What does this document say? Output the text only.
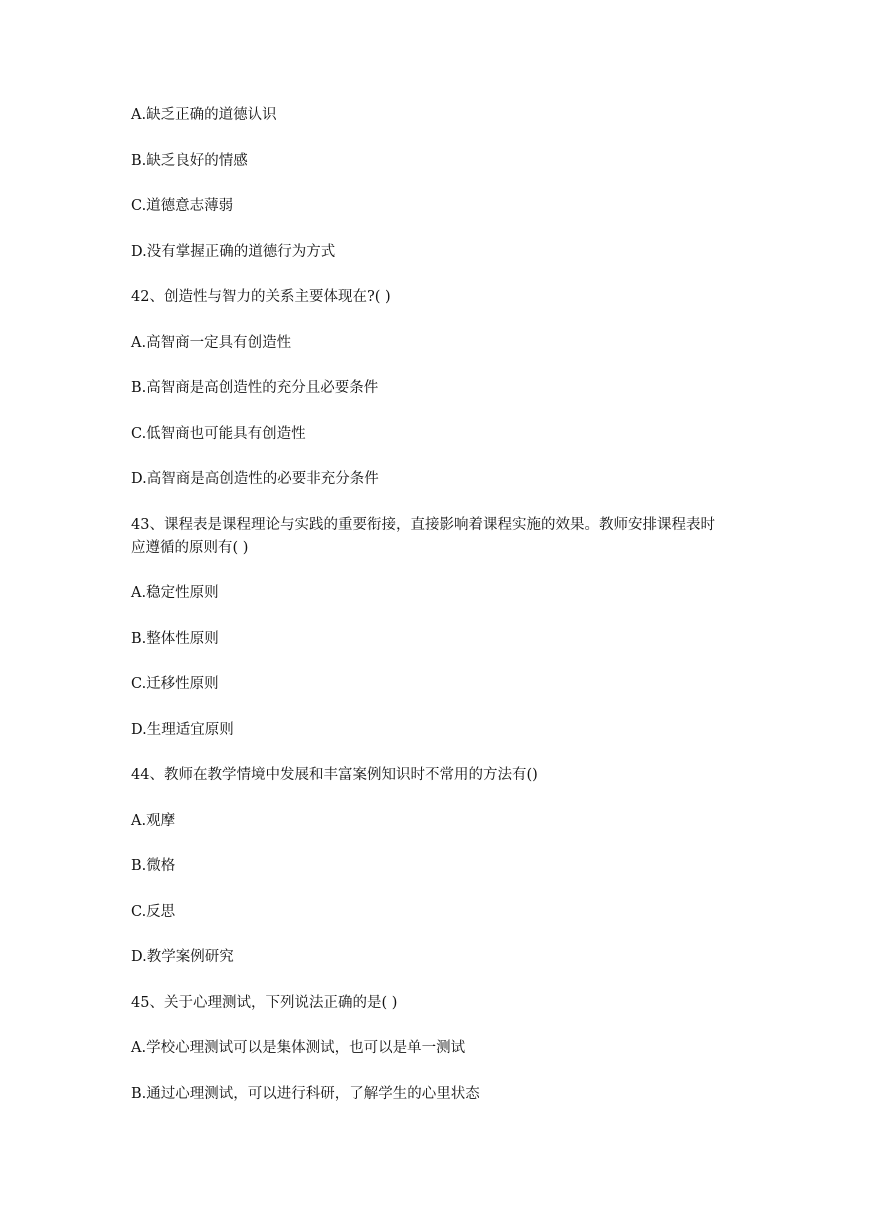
A.缺乏正确的道德认识

B.缺乏良好的情感

C.道德意志薄弱

D.没有掌握正确的道德行为方式

42、创造性与智力的关系主要体现在?( )

A.高智商一定具有创造性

B.高智商是高创造性的充分且必要条件

C.低智商也可能具有创造性

D.高智商是高创造性的必要非充分条件

43、课程表是课程理论与实践的重要衔接，直接影响着课程实施的效果。教师安排课程表时

应遵循的原则有( )

A.稳定性原则

B.整体性原则

C.迁移性原则

D.生理适宜原则

44、教师在教学情境中发展和丰富案例知识时不常用的方法有()

A.观摩

B.微格

C.反思

D.教学案例研究

45、关于心理测试，下列说法正确的是( )

A.学校心理测试可以是集体测试，也可以是单一测试

B.通过心理测试，可以进行科研，了解学生的心里状态
